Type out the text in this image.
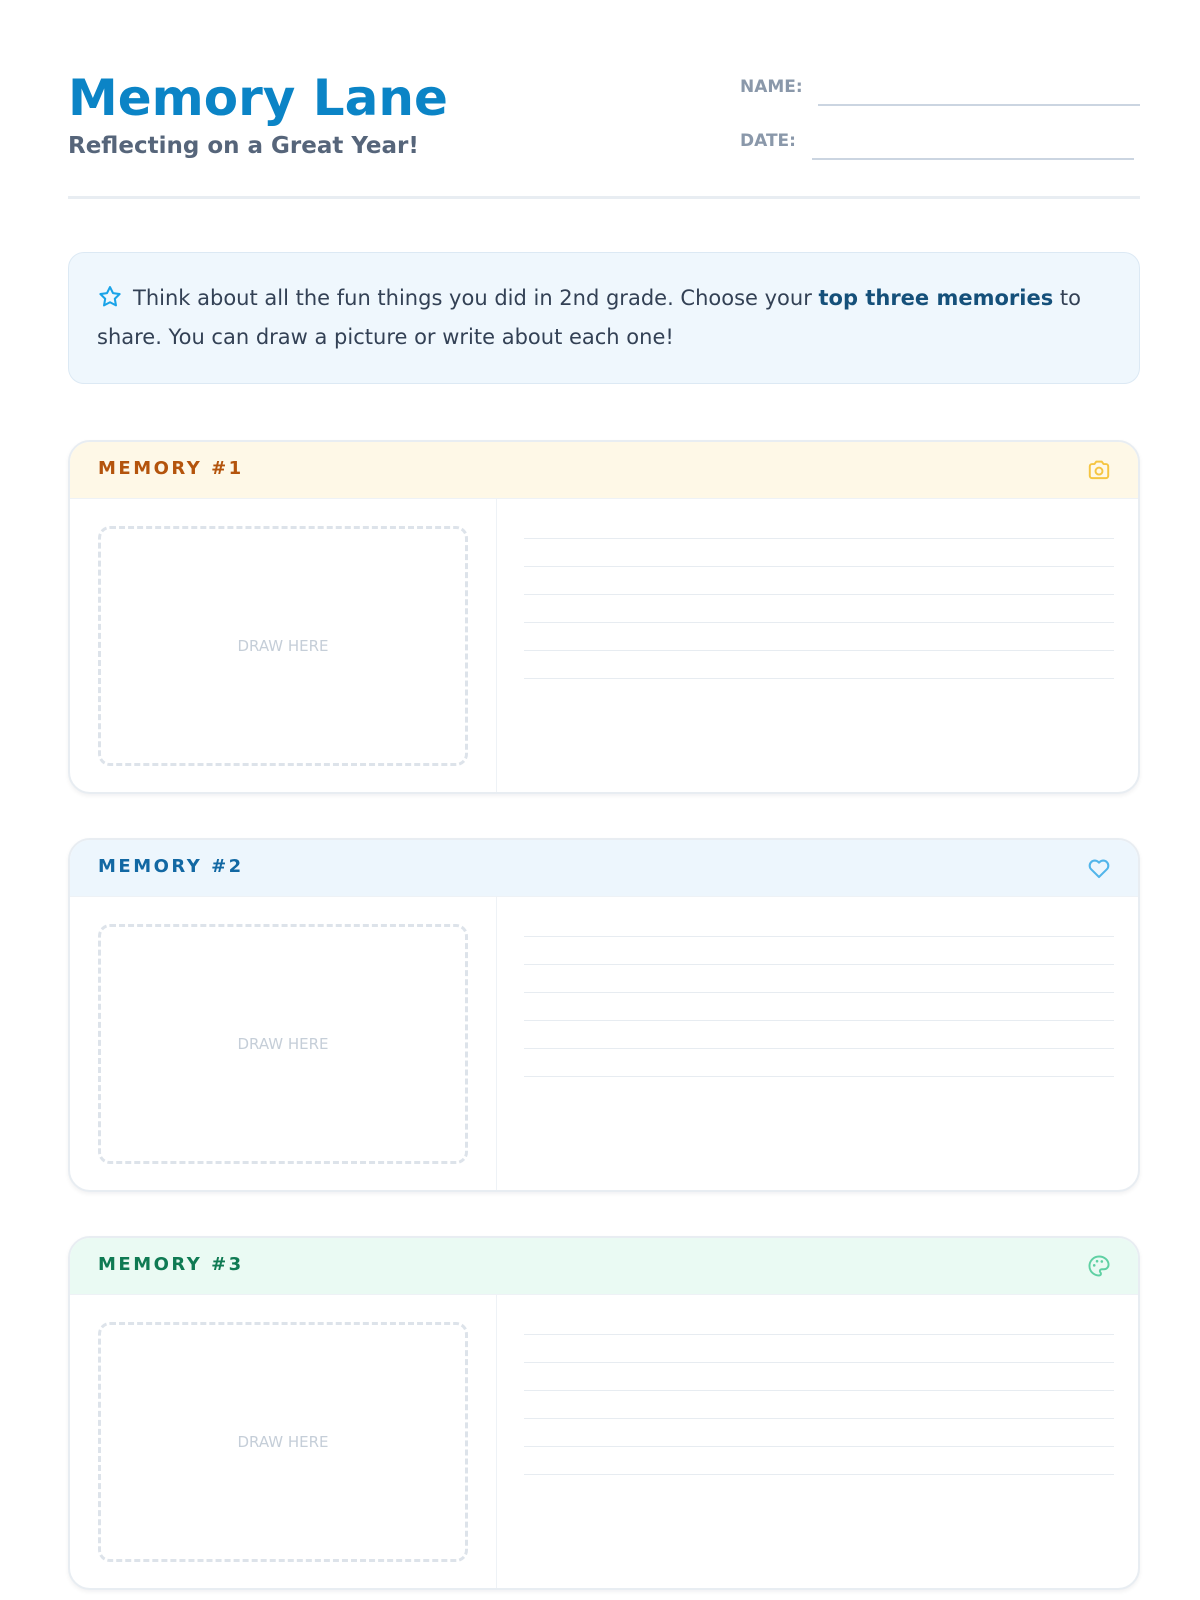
Memory Lane
Reflecting on a Great Year!
NAME:
DATE:
Think about all the fun things you did in 2nd grade. Choose your top three memories to share. You can draw a picture or write about each one!
MEMORY #1
DRAW HERE
MEMORY #2
DRAW HERE
MEMORY #3
DRAW HERE
